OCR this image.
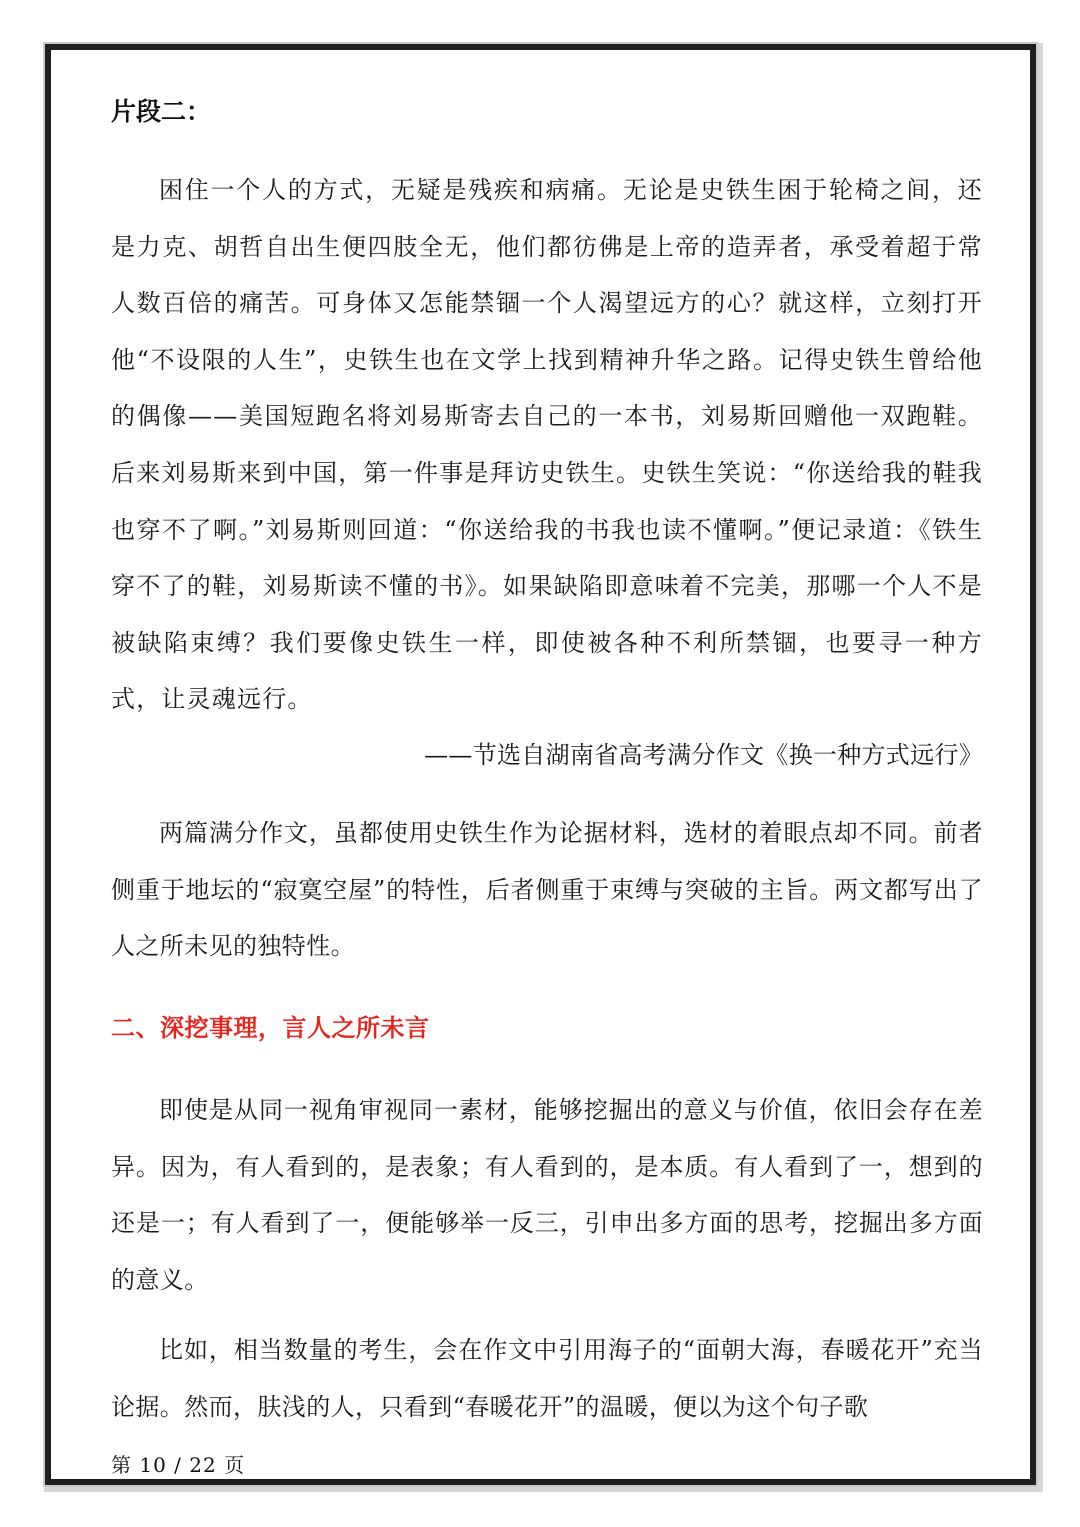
片段二：

困住一个人的方式，无疑是残疾和病痛。无论是史铁生困于轮椅之间，还是力克、胡哲自出生便四肢全无，他们都彷佛是上帝的造弄者，承受着超于常人数百倍的痛苦。可身体又怎能禁锢一个人渴望远方的心？就这样，立刻打开他“不设限的人生”，史铁生也在文学上找到精神升华之路。记得史铁生曾给他的偶像——美国短跑名将刘易斯寄去自己的一本书，刘易斯回赠他一双跑鞋。后来刘易斯来到中国，第一件事是拜访史铁生。史铁生笑说：“你送给我的鞋我也穿不了啊。”刘易斯则回道：“你送给我的书我也读不懂啊。”便记录道：《铁生穿不了的鞋，刘易斯读不懂的书》。如果缺陷即意味着不完美，那哪一个人不是被缺陷束缚？我们要像史铁生一样，即使被各种不利所禁锢，也要寻一种方式，让灵魂远行。

——节选自湖南省高考满分作文《换一种方式远行》

两篇满分作文，虽都使用史铁生作为论据材料，选材的着眼点却不同。前者侧重于地坛的“寂寞空屋”的特性，后者侧重于束缚与突破的主旨。两文都写出了人之所未见的独特性。

二、深挖事理，言人之所未言

即使是从同一视角审视同一素材，能够挖掘出的意义与价值，依旧会存在差异。因为，有人看到的，是表象；有人看到的，是本质。有人看到了一，想到的还是一；有人看到了一，便能够举一反三，引申出多方面的思考，挖掘出多方面的意义。

比如，相当数量的考生，会在作文中引用海子的“面朝大海，春暖花开”充当论据。然而，肤浅的人，只看到“春暖花开”的温暖，便以为这个句子歌

第 10 / 22 页
